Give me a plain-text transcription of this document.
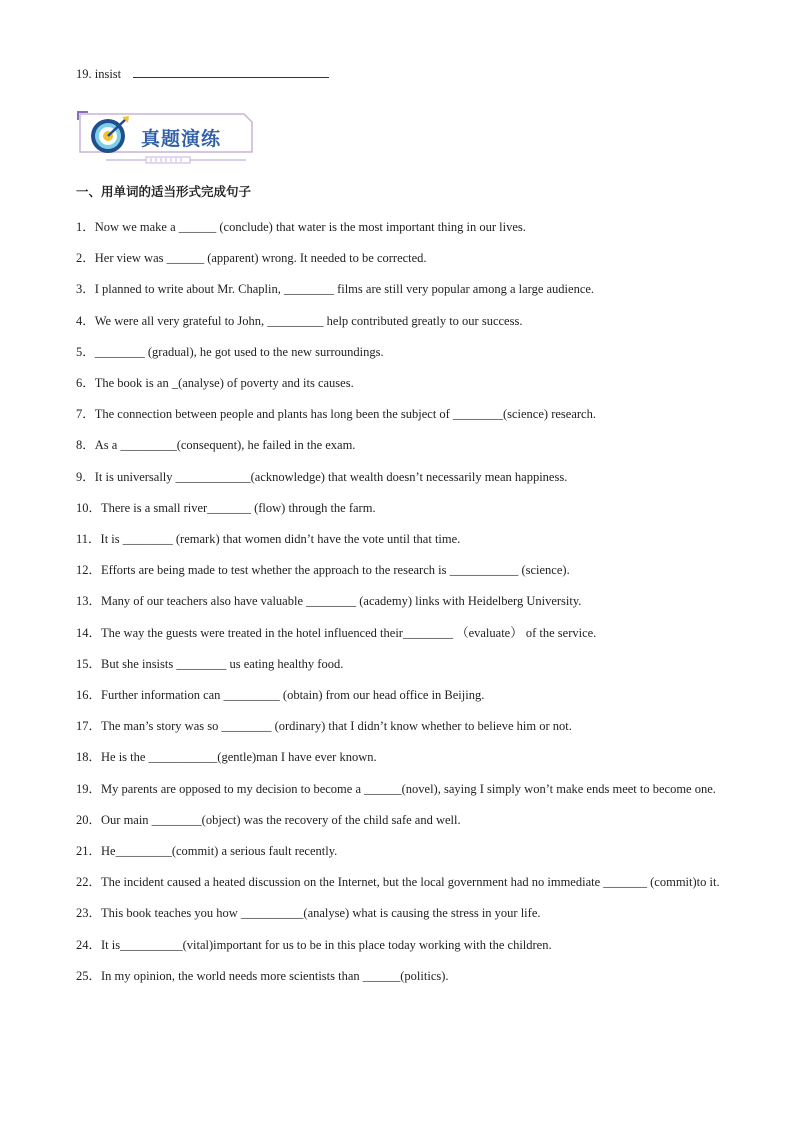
19. insist
真题演练
一、用单词的适当形式完成句子
1．Now we make a ______ (conclude) that water is the most important thing in our lives.
2．Her view was ______ (apparent) wrong. It needed to be corrected.
3．I planned to write about Mr. Chaplin, ________ films are still very popular among a large audience.
4．We were all very grateful to John, _________ help contributed greatly to our success.
5．________ (gradual), he got used to the new surroundings.
6．The book is an _(analyse) of poverty and its causes.
7．The connection between people and plants has long been the subject of ________(science) research.
8．As a _________(consequent), he failed in the exam.
9．It is universally ____________(acknowledge) that wealth doesn’t necessarily mean happiness.
10．There is a small river_______ (flow) through the farm.
11．It is ________ (remark) that women didn’t have the vote until that time.
12．Efforts are being made to test whether the approach to the research is ___________ (science).
13．Many of our teachers also have valuable ________ (academy) links with Heidelberg University.
14．The way the guests were treated in the hotel influenced their________ （evaluate） of the service.
15．But she insists ________ us eating healthy food.
16．Further information can _________ (obtain) from our head office in Beijing.
17．The man’s story was so ________ (ordinary) that I didn’t know whether to believe him or not.
18．He is the ___________(gentle)man I have ever known.
19．My parents are opposed to my decision to become a ______(novel), saying I simply won’t make ends meet to become one.
20．Our main ________(object) was the recovery of the child safe and well.
21．He_________(commit) a serious fault recently.
22．The incident caused a heated discussion on the Internet, but the local government had no immediate _______ (commit)to it.
23．This book teaches you how __________(analyse) what is causing the stress in your life.
24．It is__________(vital)important for us to be in this place today working with the children.
25．In my opinion, the world needs more scientists than ______(politics).
